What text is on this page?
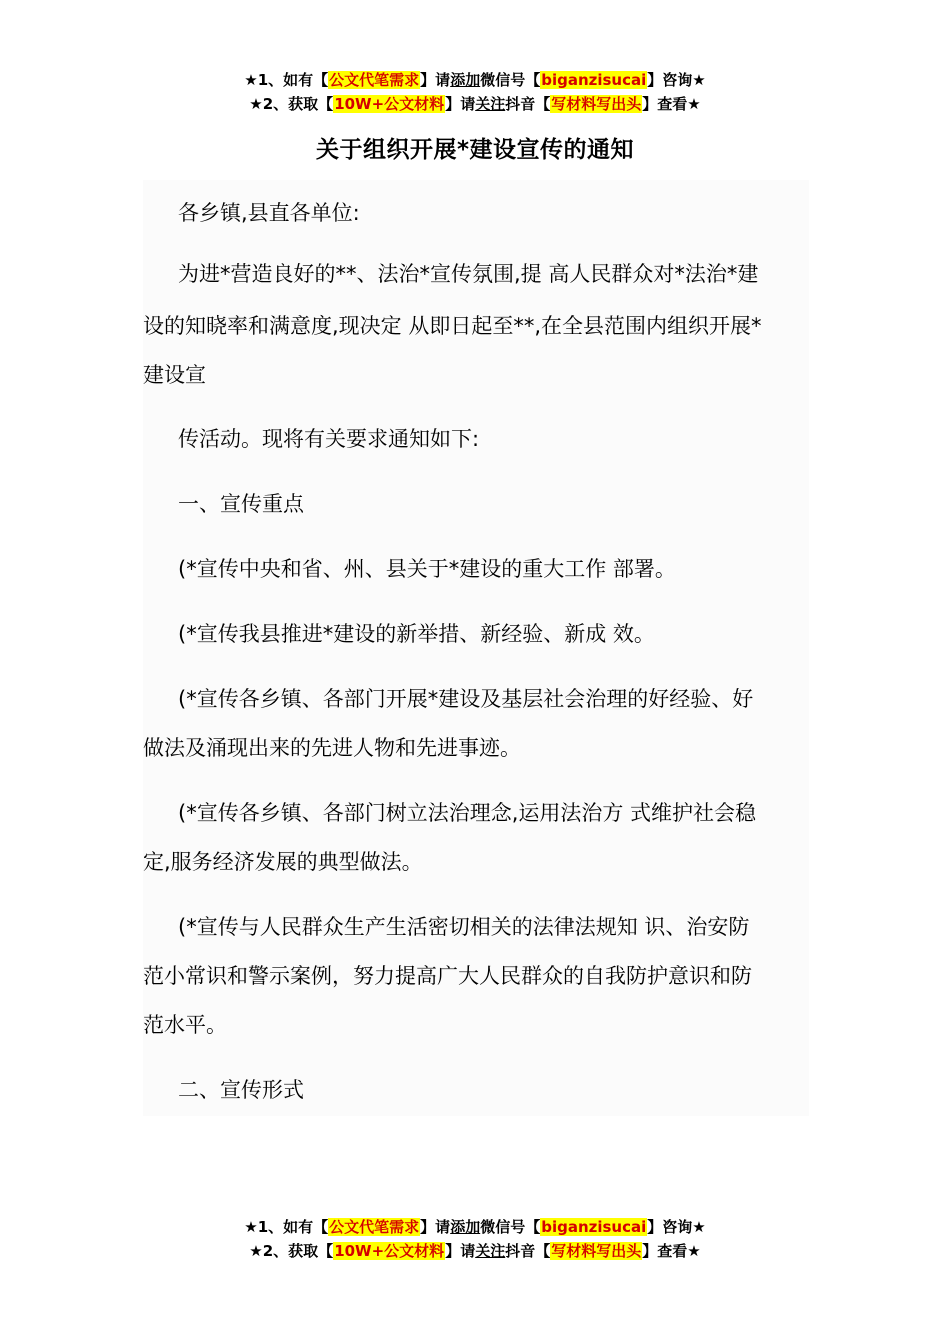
★1、如有【公文代笔需求】请添加微信号【biganzisucai】咨询★
★2、获取【10W+公文材料】请关注抖音【写材料写出头】查看★
关于组织开展*建设宣传的通知
各乡镇,县直各单位:
为进*营造良好的**、法治*宣传氛围,提 高人民群众对*法治*建
设的知晓率和满意度,现决定 从即日起至**,在全县范围内组织开展*
建设宣
传活动。现将有关要求通知如下:
一、宣传重点
(*宣传中央和省、州、县关于*建设的重大工作 部署。
(*宣传我县推进*建设的新举措、新经验、新成 效。
(*宣传各乡镇、各部门开展*建设及基层社会治理的好经验、好
做法及涌现出来的先进人物和先进事迹。
(*宣传各乡镇、各部门树立法治理念,运用法治方 式维护社会稳
定,服务经济发展的典型做法。
(*宣传与人民群众生产生活密切相关的法律法规知 识、治安防
范小常识和警示案例，努力提高广大人民群众的自我防护意识和防
范水平。
二、宣传形式
★1、如有【公文代笔需求】请添加微信号【biganzisucai】咨询★
★2、获取【10W+公文材料】请关注抖音【写材料写出头】查看★
